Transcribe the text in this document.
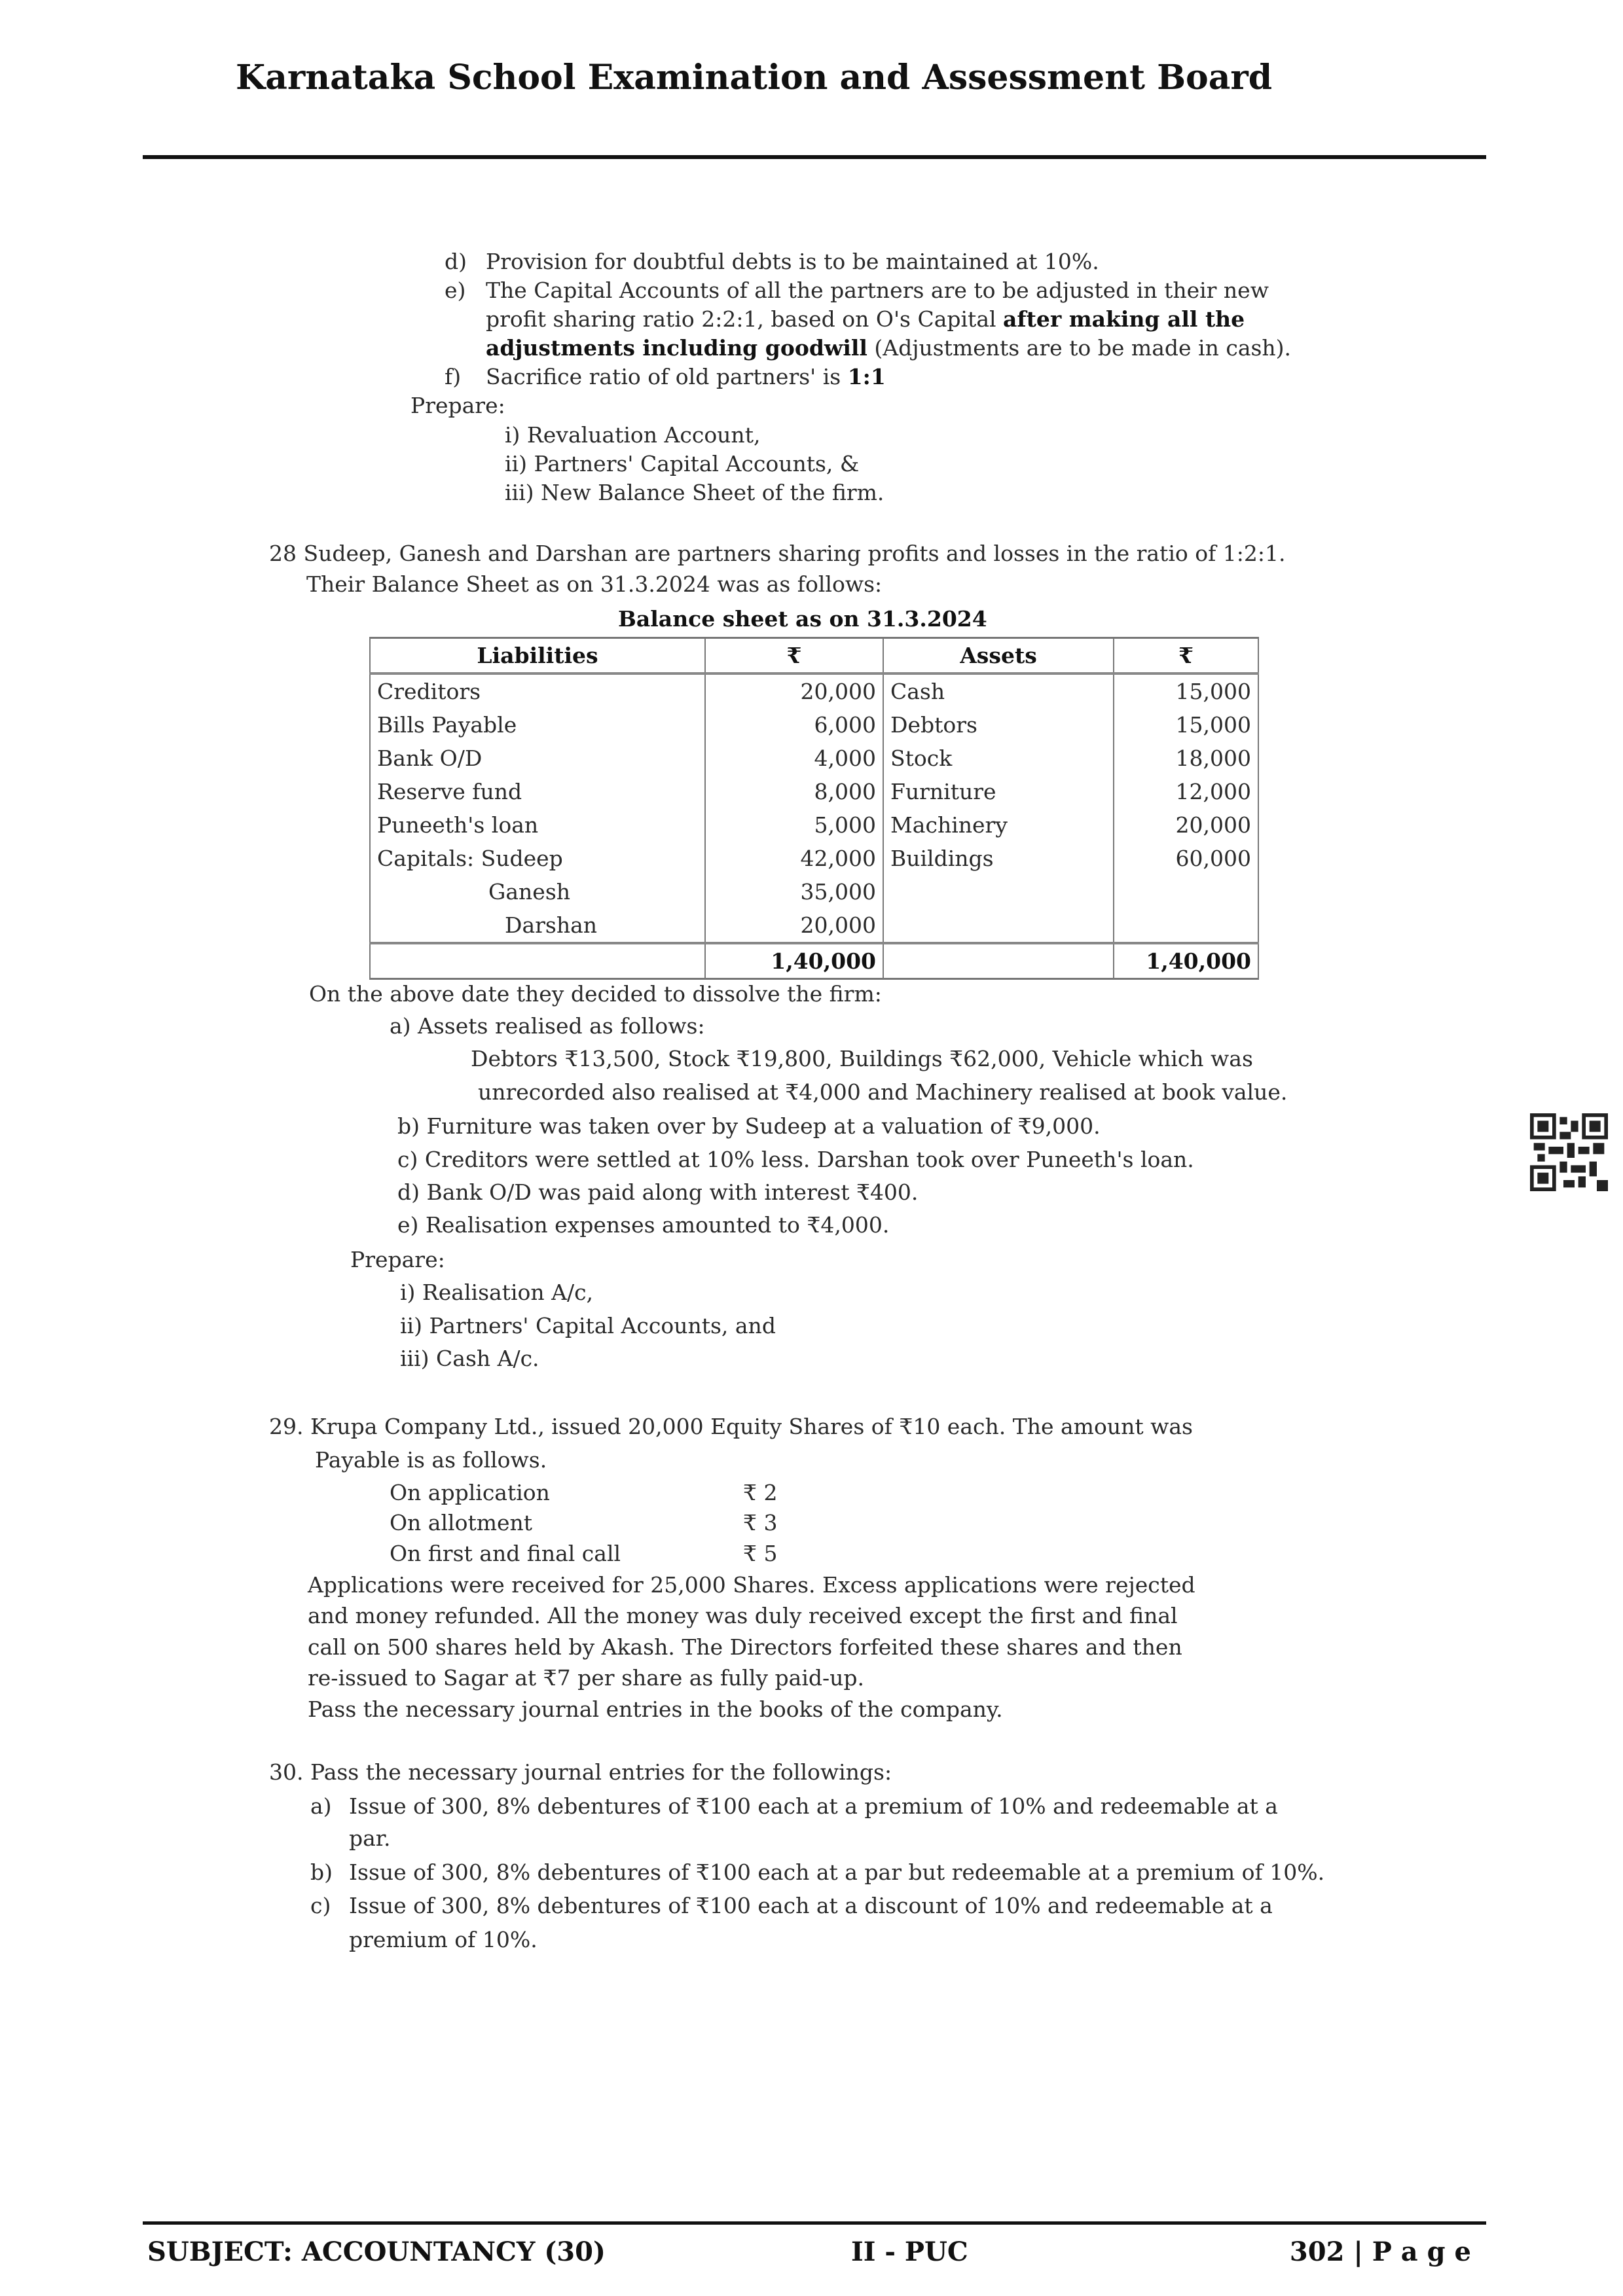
Karnataka School Examination and Assessment Board
d) Provision for doubtful debts is to be maintained at 10%.
e) The Capital Accounts of all the partners are to be adjusted in their new
profit sharing ratio 2:2:1, based on O's Capital after making all the
adjustments including goodwill (Adjustments are to be made in cash).
f) Sacrifice ratio of old partners' is 1:1
Prepare:
i) Revaluation Account,
ii) Partners' Capital Accounts, &
iii) New Balance Sheet of the firm.
28 Sudeep, Ganesh and Darshan are partners sharing profits and losses in the ratio of 1:2:1.
Their Balance Sheet as on 31.3.2024 was as follows:
Balance sheet as on 31.3.2024
Liabilities	₹	Assets	₹
Creditors	20,000	Cash	15,000
Bills Payable	6,000	Debtors	15,000
Bank O/D	4,000	Stock	18,000
Reserve fund	8,000	Furniture	12,000
Puneeth's loan	5,000	Machinery	20,000
Capitals: Sudeep	42,000	Buildings	60,000
Ganesh	35,000		
Darshan	20,000		
	1,40,000		1,40,000
On the above date they decided to dissolve the firm:
a) Assets realised as follows:
Debtors ₹13,500, Stock ₹19,800, Buildings ₹62,000, Vehicle which was
unrecorded also realised at ₹4,000 and Machinery realised at book value.
b) Furniture was taken over by Sudeep at a valuation of ₹9,000.
c) Creditors were settled at 10% less. Darshan took over Puneeth's loan.
d) Bank O/D was paid along with interest ₹400.
e) Realisation expenses amounted to ₹4,000.
Prepare:
i) Realisation A/c,
ii) Partners' Capital Accounts, and
iii) Cash A/c.
29. Krupa Company Ltd., issued 20,000 Equity Shares of ₹10 each. The amount was
Payable is as follows.
On application	₹ 2
On allotment	₹ 3
On first and final call	₹ 5
Applications were received for 25,000 Shares. Excess applications were rejected
and money refunded. All the money was duly received except the first and final
call on 500 shares held by Akash. The Directors forfeited these shares and then
re-issued to Sagar at ₹7 per share as fully paid-up.
Pass the necessary journal entries in the books of the company.
30. Pass the necessary journal entries for the followings:
a) Issue of 300, 8% debentures of ₹100 each at a premium of 10% and redeemable at a
par.
b) Issue of 300, 8% debentures of ₹100 each at a par but redeemable at a premium of 10%.
c) Issue of 300, 8% debentures of ₹100 each at a discount of 10% and redeemable at a
premium of 10%.
SUBJECT: ACCOUNTANCY (30)	II - PUC	302 | P a g e
